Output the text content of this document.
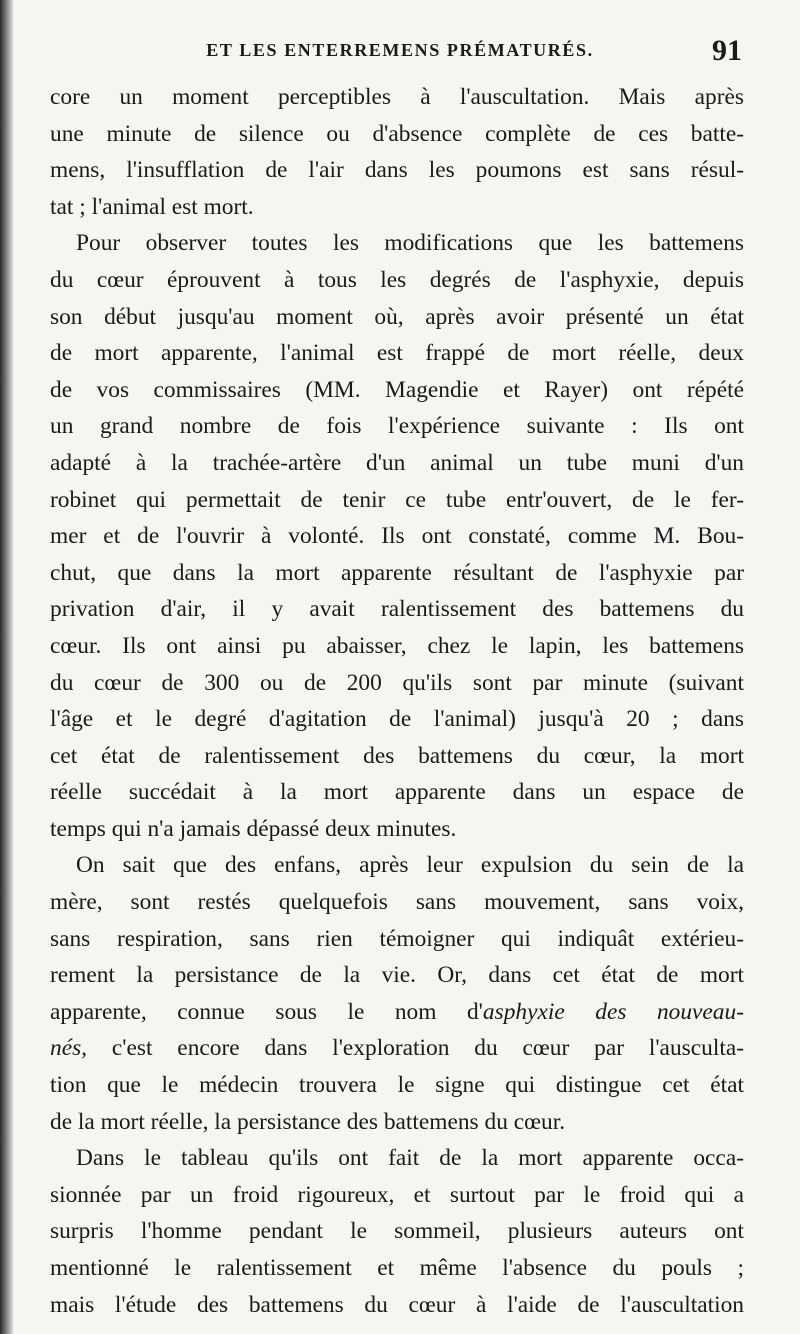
ET LES ENTERREMENS PRÉMATURÉS.	91
core un moment perceptibles à l'auscultation. Mais après
une minute de silence ou d'absence complète de ces batte-
mens, l'insufflation de l'air dans les poumons est sans résul-
tat ; l'animal est mort.
Pour observer toutes les modifications que les battemens
du cœur éprouvent à tous les degrés de l'asphyxie, depuis
son début jusqu'au moment où, après avoir présenté un état
de mort apparente, l'animal est frappé de mort réelle, deux
de vos commissaires (MM. Magendie et Rayer) ont répété
un grand nombre de fois l'expérience suivante : Ils ont
adapté à la trachée-artère d'un animal un tube muni d'un
robinet qui permettait de tenir ce tube entr'ouvert, de le fer-
mer et de l'ouvrir à volonté. Ils ont constaté, comme M. Bou-
chut, que dans la mort apparente résultant de l'asphyxie par
privation d'air, il y avait ralentissement des battemens du
cœur. Ils ont ainsi pu abaisser, chez le lapin, les battemens
du cœur de 300 ou de 200 qu'ils sont par minute (suivant
l'âge et le degré d'agitation de l'animal) jusqu'à 20 ; dans
cet état de ralentissement des battemens du cœur, la mort
réelle succédait à la mort apparente dans un espace de
temps qui n'a jamais dépassé deux minutes.
On sait que des enfans, après leur expulsion du sein de la
mère, sont restés quelquefois sans mouvement, sans voix,
sans respiration, sans rien témoigner qui indiquât extérieu-
rement la persistance de la vie. Or, dans cet état de mort
apparente, connue sous le nom d'asphyxie des nouveau-
nés, c'est encore dans l'exploration du cœur par l'ausculta-
tion que le médecin trouvera le signe qui distingue cet état
de la mort réelle, la persistance des battemens du cœur.
Dans le tableau qu'ils ont fait de la mort apparente occa-
sionnée par un froid rigoureux, et surtout par le froid qui a
surpris l'homme pendant le sommeil, plusieurs auteurs ont
mentionné le ralentissement et même l'absence du pouls ;
mais l'étude des battemens du cœur à l'aide de l'auscultation
